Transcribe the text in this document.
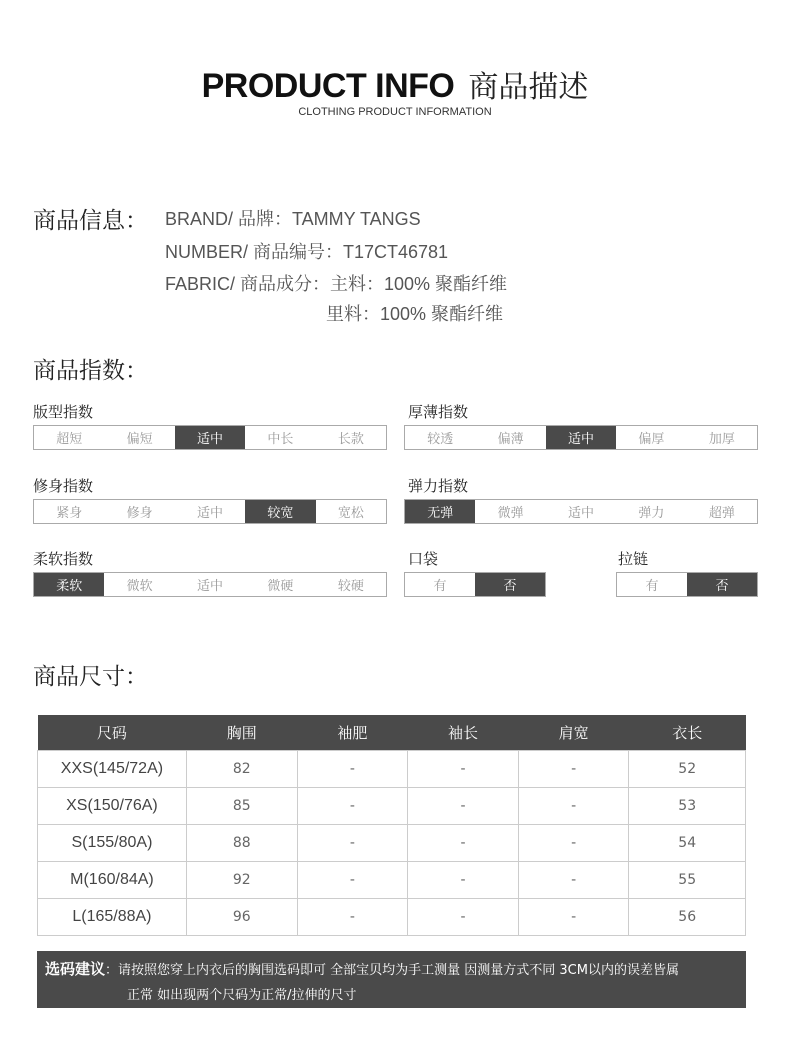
PRODUCT INFO 商品描述
CLOTHING PRODUCT INFORMATION
商品信息： BRAND/ 品牌：TAMMY TANGS
NUMBER/ 商品编号：T17CT46781
FABRIC/ 商品成分：主料：100% 聚酯纤维
里料：100% 聚酯纤维
商品指数：
版型指数
超短	偏短	适中	中长	长款
厚薄指数
较透	偏薄	适中	偏厚	加厚
修身指数
紧身	修身	适中	较宽	宽松
弹力指数
无弹	微弹	适中	弹力	超弹
柔软指数
柔软	微软	适中	微硬	较硬
口袋
有	否
拉链
有	否
商品尺寸：
尺码	胸围	袖肥	袖长	肩宽	衣长
XXS(145/72A)	82	-	-	-	52
XS(150/76A)	85	-	-	-	53
S(155/80A)	88	-	-	-	54
M(160/84A)	92	-	-	-	55
L(165/88A)	96	-	-	-	56
选码建议：请按照您穿上内衣后的胸围选码即可 全部宝贝均为手工测量 因测量方式不同 3CM以内的误差皆属
正常 如出现两个尺码为正常/拉伸的尺寸
